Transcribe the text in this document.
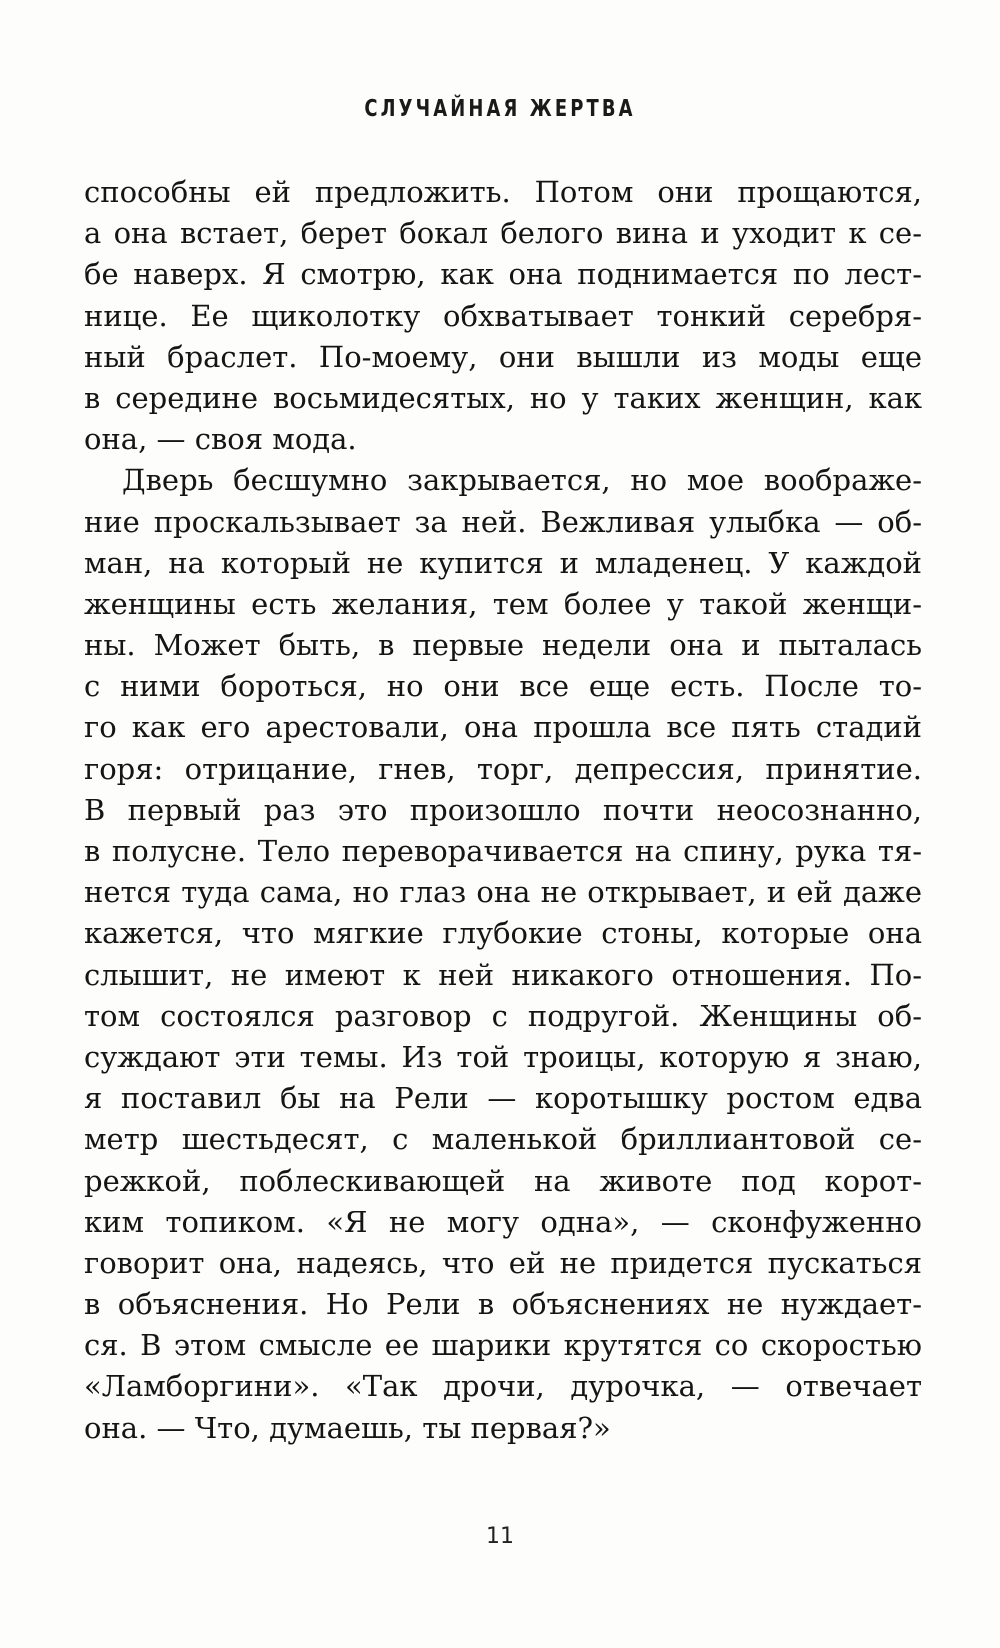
СЛУЧАЙНАЯ ЖЕРТВА
способны ей предложить. Потом они прощаются,
а она встает, берет бокал белого вина и уходит к се-
бе наверх. Я смотрю, как она поднимается по лест-
нице. Ее щиколотку обхватывает тонкий серебря-
ный браслет. По-моему, они вышли из моды еще
в середине восьмидесятых, но у таких женщин, как
она, — своя мода.
Дверь бесшумно закрывается, но мое воображе-
ние проскальзывает за ней. Вежливая улыбка — об-
ман, на который не купится и младенец. У каждой
женщины есть желания, тем более у такой женщи-
ны. Может быть, в первые недели она и пыталась
с ними бороться, но они все еще есть. После то-
го как его арестовали, она прошла все пять стадий
горя: отрицание, гнев, торг, депрессия, принятие.
В первый раз это произошло почти неосознанно,
в полусне. Тело переворачивается на спину, рука тя-
нется туда сама, но глаз она не открывает, и ей даже
кажется, что мягкие глубокие стоны, которые она
слышит, не имеют к ней никакого отношения. По-
том состоялся разговор с подругой. Женщины об-
суждают эти темы. Из той троицы, которую я знаю,
я поставил бы на Рели — коротышку ростом едва
метр шестьдесят, с маленькой бриллиантовой се-
режкой, поблескивающей на животе под корот-
ким топиком. «Я не могу одна», — сконфуженно
говорит она, надеясь, что ей не придется пускаться
в объяснения. Но Рели в объяснениях не нуждает-
ся. В этом смысле ее шарики крутятся со скоростью
«Ламборгини». «Так дрочи, дурочка, — отвечает
она. — Что, думаешь, ты первая?»
11
